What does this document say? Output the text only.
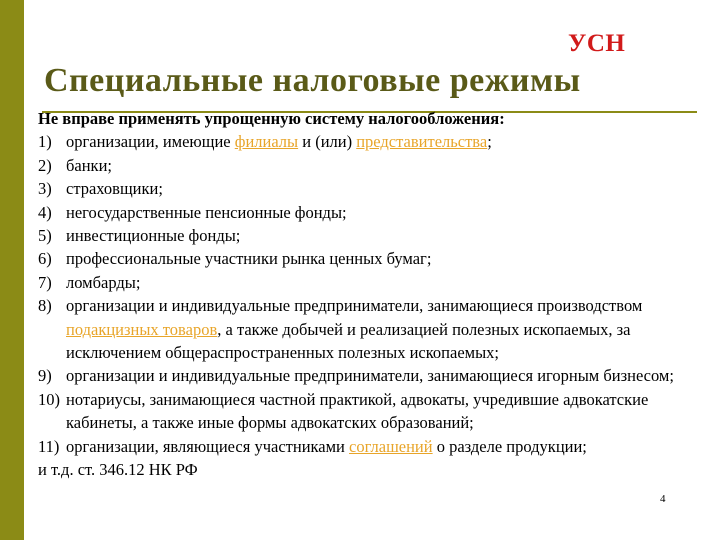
УСН
Специальные налоговые режимы
Не вправе применять упрощенную систему налогообложения:
1) организации, имеющие филиалы и (или) представительства;
2) банки;
3) страховщики;
4) негосударственные пенсионные фонды;
5) инвестиционные фонды;
6) профессиональные участники рынка ценных бумаг;
7) ломбарды;
8) организации и индивидуальные предприниматели, занимающиеся производством подакцизных товаров, а также добычей и реализацией полезных ископаемых, за исключением общераспространенных полезных ископаемых;
9) организации и индивидуальные предприниматели, занимающиеся игорным бизнесом;
10) нотариусы, занимающиеся частной практикой, адвокаты, учредившие адвокатские кабинеты, а также иные формы адвокатских образований;
11) организации, являющиеся участниками соглашений о разделе продукции;
и т.д. ст. 346.12 НК РФ
4
